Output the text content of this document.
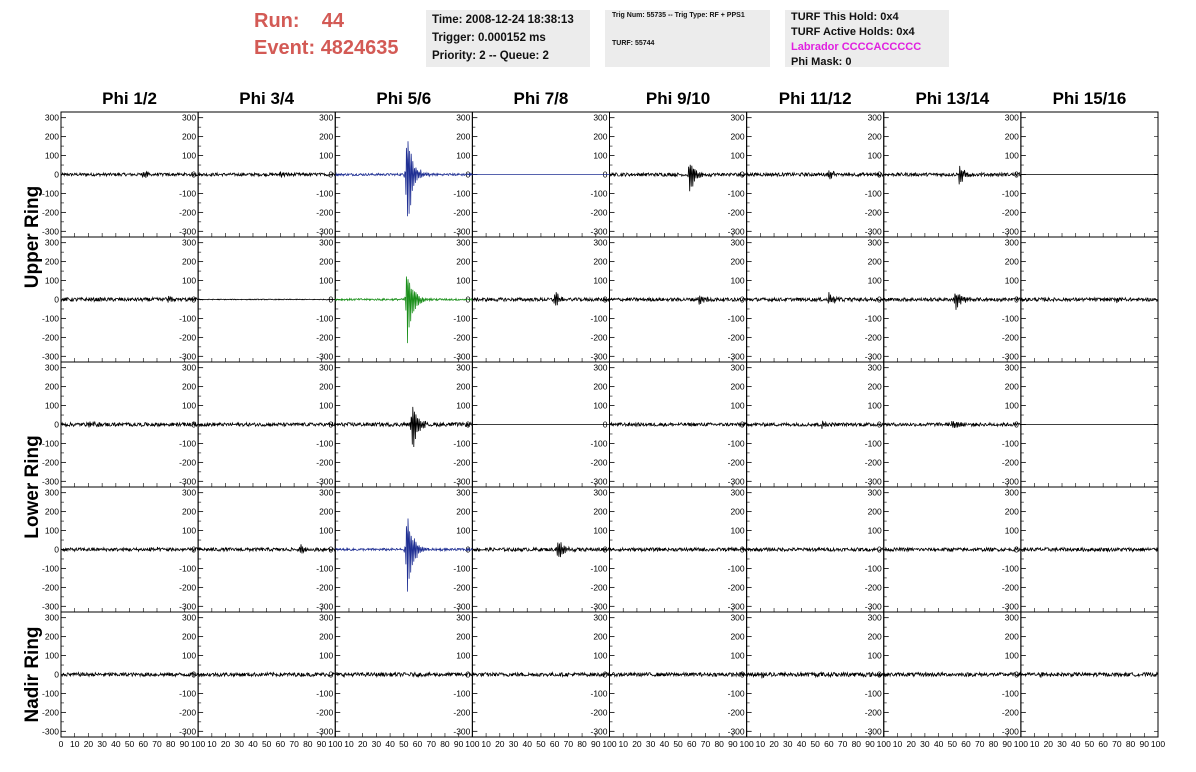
Run: 44
Event: 4824635
Time: 2008-12-24 18:38:13
Trigger: 0.000152 ms
Priority: 2 -- Queue: 2
Trig Num: 55735 -- Trig Type: RF + PPS1
TURF: 55744
TURF This Hold: 0x4
TURF Active Holds: 0x4
Labrador CCCCACCCCC
Phi Mask: 0
Phi 1/2	Phi 3/4	Phi 5/6	Phi 7/8	Phi 9/10	Phi 11/12	Phi 13/14	Phi 15/16
Upper Ring
Lower Ring
Nadir Ring
-300
-200
-100
0
100
200
300
-300
-200
-100
0
100
200
300
-300
-200
-100
0
100
200
300
-300
-200
-100
0
100
200
300
-300
-200
-100
0
100
200
300
-300
-200
-100
0
100
200
300
-300
-200
-100
0
100
200
300
-300
-200
-100
0
100
200
300
-300
-200
-100
0
100
200
300
-300
-200
-100
0
100
200
300
-300
-200
-100
0
100
200
300
-300
-200
-100
0
100
200
300
-300
-200
-100
0
100
200
300
-300
-200
-100
0
100
200
300
-300
-200
-100
0
100
200
300
-300
-200
-100
0
100
200
300
-300
-200
-100
0
100
200
300
-300
-200
-100
0
100
200
300
-300
-200
-100
0
100
200
300
-300
-200
-100
0
100
200
300
-300
-200
-100
0
100
200
300
-300
-200
-100
0
100
200
300
-300
-200
-100
0
100
200
300
-300
-200
-100
0
100
200
300
-300
-200
-100
0
100
200
300
-300
-200
-100
0
100
200
300
-300
-200
-100
0
100
200
300
-300
-200
-100
0
100
200
300
-300
-200
-100
0
100
200
300
-300
-200
-100
0
100
200
300
-300
-200
-100
0
100
200
300
-300
-200
-100
0
100
200
300
-300
-200
-100
0
100
200
300
-300
-200
-100
0
100
200
300
-300
-200
-100
0
100
200
300
-300
-200
-100
0
100
200
300
-300
-200
-100
0
100
200
300
-300
-200
-100
0
100
200
300
-300
-200
-100
0
100
200
300
-300
-200
-100
0
100
200
300
0 10 20 30 40 50 60 70 80 90 100 10 20 30 40 50 60 70 80 90 100 10 20 30 40 50 60 70 80 90 100 10 20 30 40 50 60 70 80 90 100 10 20 30 40 50 60 70 80 90 100 10 20 30 40 50 60 70 80 90 100 10 20 30 40 50 60 70 80 90 100 10 20 30 40 50 60 70 80 90 100
